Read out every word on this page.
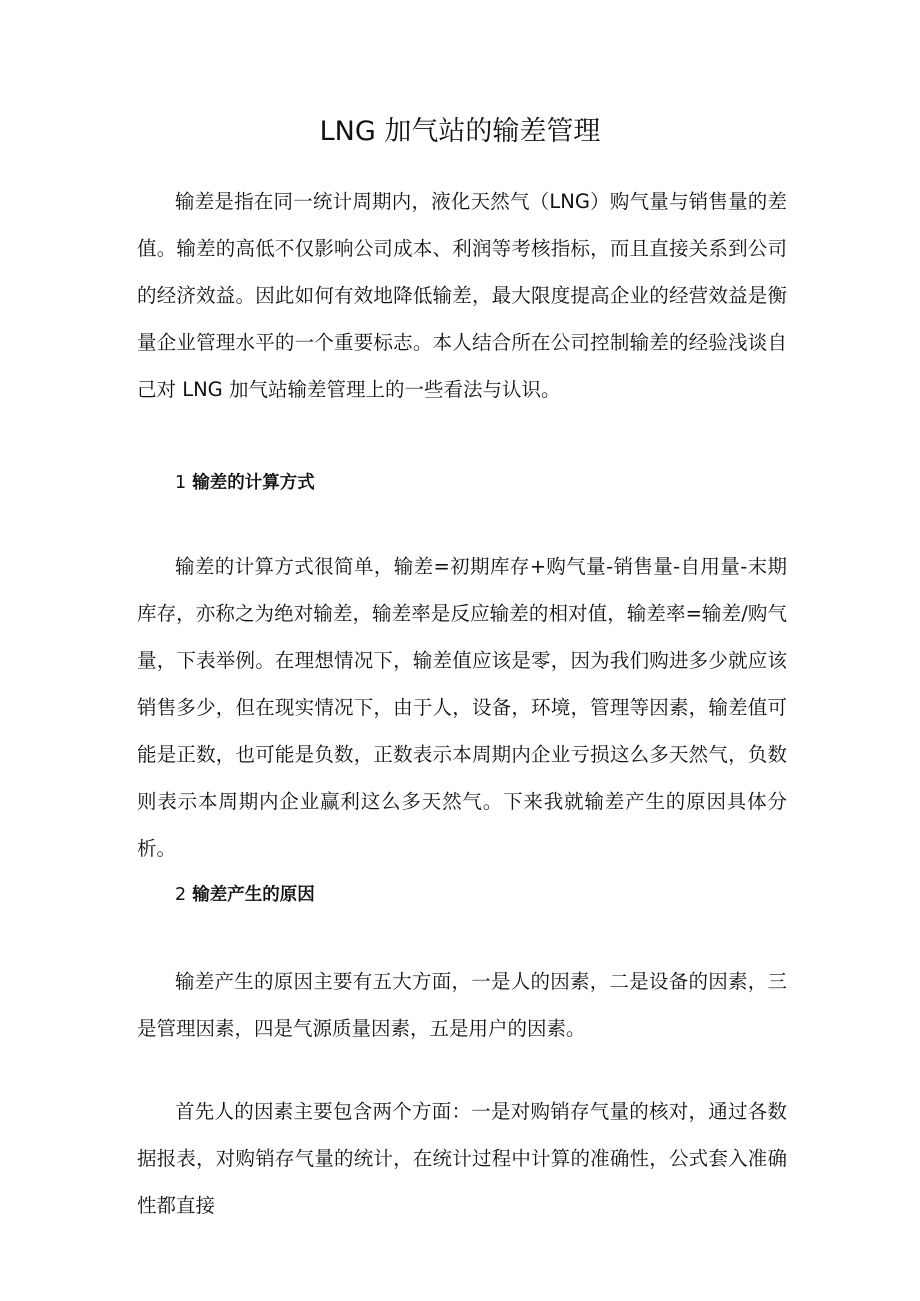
LNG 加气站的输差管理

输差是指在同一统计周期内，液化天然气（LNG）购气量与销售量的差值。输差的高低不仅影响公司成本、利润等考核指标，而且直接关系到公司的经济效益。因此如何有效地降低输差，最大限度提高企业的经营效益是衡量企业管理水平的一个重要标志。本人结合所在公司控制输差的经验浅谈自己对 LNG 加气站输差管理上的一些看法与认识。

1 输差的计算方式

输差的计算方式很简单，输差=初期库存+购气量-销售量-自用量-末期库存，亦称之为绝对输差，输差率是反应输差的相对值，输差率=输差/购气量，下表举例。在理想情况下，输差值应该是零，因为我们购进多少就应该销售多少，但在现实情况下，由于人，设备，环境，管理等因素，输差值可能是正数，也可能是负数，正数表示本周期内企业亏损这么多天然气，负数则表示本周期内企业赢利这么多天然气。下来我就输差产生的原因具体分析。

2 输差产生的原因

输差产生的原因主要有五大方面，一是人的因素，二是设备的因素，三是管理因素，四是气源质量因素，五是用户的因素。

首先人的因素主要包含两个方面：一是对购销存气量的核对，通过各数据报表，对购销存气量的统计，在统计过程中计算的准确性，公式套入准确性都直接
